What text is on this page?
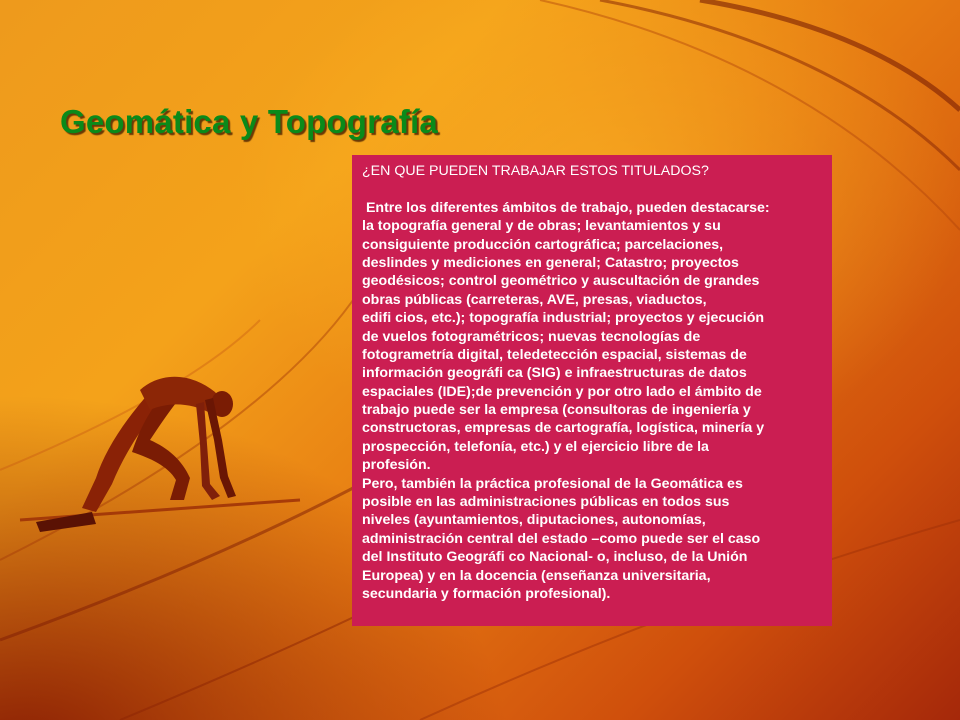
Geomática y Topografía
¿EN QUE PUEDEN TRABAJAR ESTOS TITULADOS?
Entre los diferentes ámbitos de trabajo, pueden destacarse:
la topografía general y de obras; levantamientos y su
consiguiente producción cartográfica; parcelaciones,
deslindes y mediciones en general; Catastro; proyectos
geodésicos; control geométrico y auscultación de grandes
obras públicas (carreteras, AVE, presas, viaductos,
edifi cios, etc.); topografía industrial; proyectos y ejecución
de vuelos fotogramétricos; nuevas tecnologías de
fotogrametría digital, teledetección espacial, sistemas de
información geográfi ca (SIG) e infraestructuras de datos
espaciales (IDE);de prevención y por otro lado el ámbito de
trabajo puede ser la empresa (consultoras de ingeniería y
constructoras, empresas de cartografía, logística, minería y
prospección, telefonía, etc.) y el ejercicio libre de la
profesión.
Pero, también la práctica profesional de la Geomática es
posible en las administraciones públicas en todos sus
niveles (ayuntamientos, diputaciones, autonomías,
administración central del estado –como puede ser el caso
del Instituto Geográfi co Nacional- o, incluso, de la Unión
Europea) y en la docencia (enseñanza universitaria,
secundaria y formación profesional).
